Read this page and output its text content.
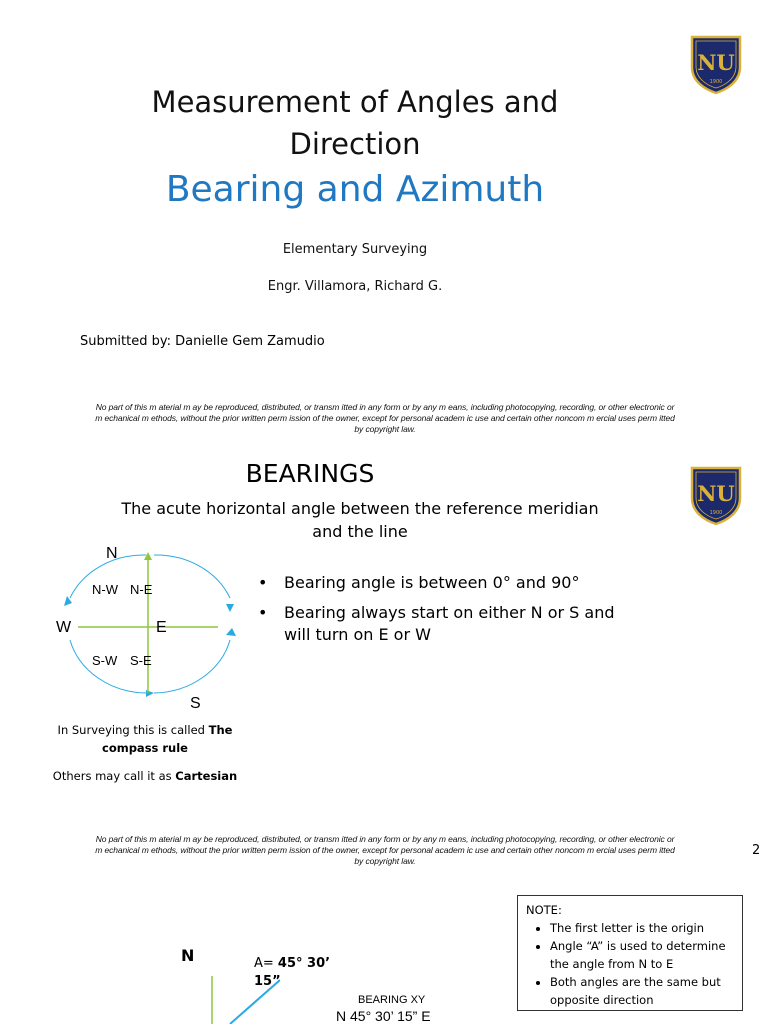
Measurement of Angles and
Direction
Bearing and Azimuth
Elementary Surveying
Engr. Villamora, Richard G.
Submitted by: Danielle Gem Zamudio
No part of this m aterial m ay be reproduced, distributed, or transm itted in any form or by any m eans, including photocopying, recording, or other electronic or
m echanical m ethods, without the prior written perm ission of the owner, except for personal academ ic use and certain other noncom m ercial uses perm itted
by copyright law.
NU
1900
BEARINGS
The acute horizontal angle between the reference meridian
and the line
NU
1900
N
S
W	E
N-W N-E
S-W S-E
•	Bearing angle is between 0° and 90°
•	Bearing always start on either N or S and will turn on E or W
In Surveying this is called The
compass rule
Others may call it as Cartesian
No part of this m aterial m ay be reproduced, distributed, or transm itted in any form or by any m eans, including photocopying, recording, or other electronic or
m echanical m ethods, without the prior written perm ission of the owner, except for personal academ ic use and certain other noncom m ercial uses perm itted
by copyright law.
2
N	A= 45° 30’
15”
BEARING XY
N 45° 30’ 15” E
NOTE:
• The first letter is the origin
• Angle “A” is used to determine the angle from N to E
• Both angles are the same but opposite direction
